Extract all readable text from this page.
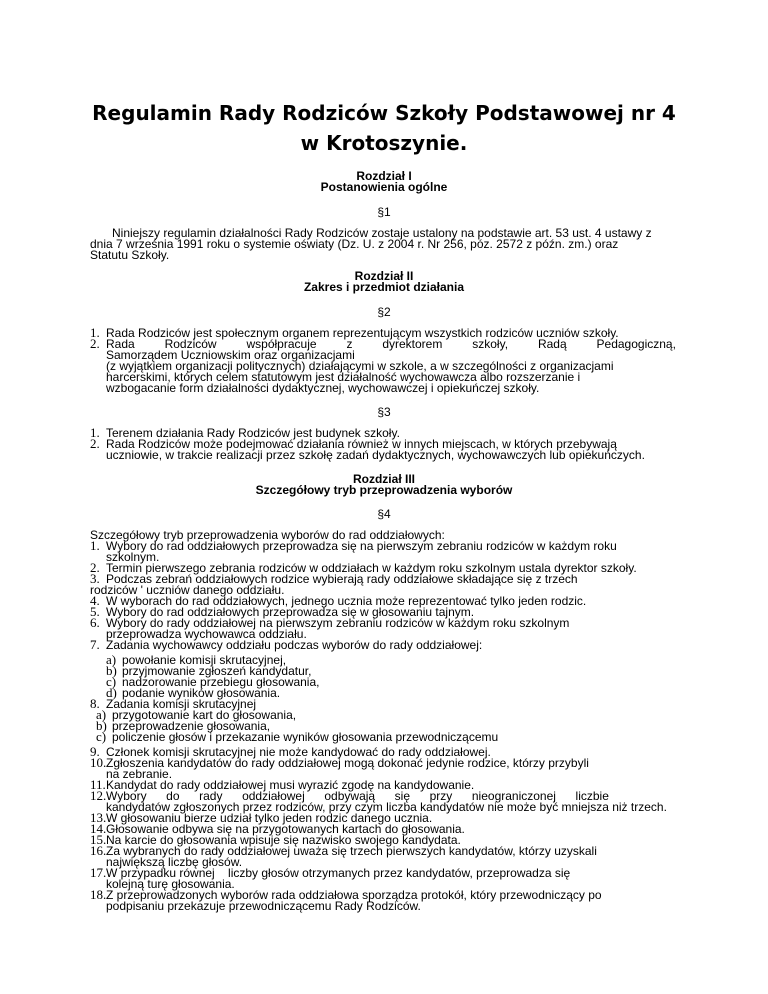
Regulamin Rady Rodziców Szkoły Podstawowej nr 4
w Krotoszynie.
Rozdział I
Postanowienia ogólne
§1
Niniejszy regulamin działalności Rady Rodziców zostaje ustalony na podstawie art. 53 ust. 4 ustawy z
dnia 7 września 1991 roku o systemie oświaty (Dz. U. z 2004 r. Nr 256, póz. 2572 z późn. zm.) oraz
Statutu Szkoły.
Rozdział II
Zakres i przedmiot działania
§2
1. Rada Rodziców jest społecznym organem reprezentującym wszystkich rodziców uczniów szkoły.
2. Rada Rodziców współpracuje z dyrektorem szkoły, Radą Pedagogiczną,
Samorządem Uczniowskim oraz organizacjami
(z wyjątkiem organizacji politycznych) działającymi w szkole, a w szczególności z organizacjami
harcerskimi, których celem statutowym jest działalność wychowawcza albo rozszerzanie i
wzbogacanie form działalności dydaktycznej, wychowawczej i opiekuńczej szkoły.
§3
1. Terenem działania Rady Rodziców jest budynek szkoły.
2. Rada Rodziców może podejmować działania również w innych miejscach, w których przebywają
uczniowie, w trakcie realizacji przez szkołę zadań dydaktycznych, wychowawczych lub opiekuńczych.
Rozdział III
Szczegółowy tryb przeprowadzenia wyborów
§4
Szczegółowy tryb przeprowadzenia wyborów do rad oddziałowych:
1. Wybory do rad oddziałowych przeprowadza się na pierwszym zebraniu rodziców w każdym roku
szkolnym.
2. Termin pierwszego zebrania rodziców w oddziałach w każdym roku szkolnym ustala dyrektor szkoły.
3. Podczas zebrań oddziałowych rodzice wybierają rady oddziałowe składające się z trzech
rodziców ' uczniów danego oddziału.
4. W wyborach do rad oddziałowych, jednego ucznia może reprezentować tylko jeden rodzic.
5. Wybory do rad oddziałowych przeprowadza się w głosowaniu tajnym.
6. Wybory do rady oddziałowej na pierwszym zebraniu rodziców w każdym roku szkolnym
przeprowadza wychowawca oddziału.
7. Zadania wychowawcy oddziału podczas wyborów do rady oddziałowej:
a) powołanie komisji skrutacyjnej,
b) przyjmowanie zgłoszeń kandydatur,
c) nadzorowanie przebiegu głosowania,
d) podanie wyników głosowania.
8. Zadania komisji skrutacyjnej
a) przygotowanie kart do głosowania,
b) przeprowadzenie głosowania,
c) policzenie głosów i przekazanie wyników głosowania przewodniczącemu
9. Członek komisji skrutacyjnej nie może kandydować do rady oddziałowej.
10. Zgłoszenia kandydatów do rady oddziałowej mogą dokonać jedynie rodzice, którzy przybyli
na zebranie.
11. Kandydat do rady oddziałowej musi wyrazić zgodę na kandydowanie.
12. Wybory do rady oddziałowej odbywają się przy nieograniczonej liczbie
kandydatów zgłoszonych przez rodziców, przy czym liczba kandydatów nie może być mniejsza niż trzech.
13. W głosowaniu bierze udział tylko jeden rodzic danego ucznia.
14. Głosowanie odbywa się na przygotowanych kartach do głosowania.
15. Na karcie do głosowania wpisuje się nazwisko swojego kandydata.
16. Za wybranych do rady oddziałowej uważa się trzech pierwszych kandydatów, którzy uzyskali
największą liczbę głosów.
17. W przypadku równej    liczby głosów otrzymanych przez kandydatów, przeprowadza się
kolejną turę głosowania.
18. Z przeprowadzonych wyborów rada oddziałowa sporządza protokół, który przewodniczący po
podpisaniu przekazuje przewodniczącemu Rady Rodziców.
